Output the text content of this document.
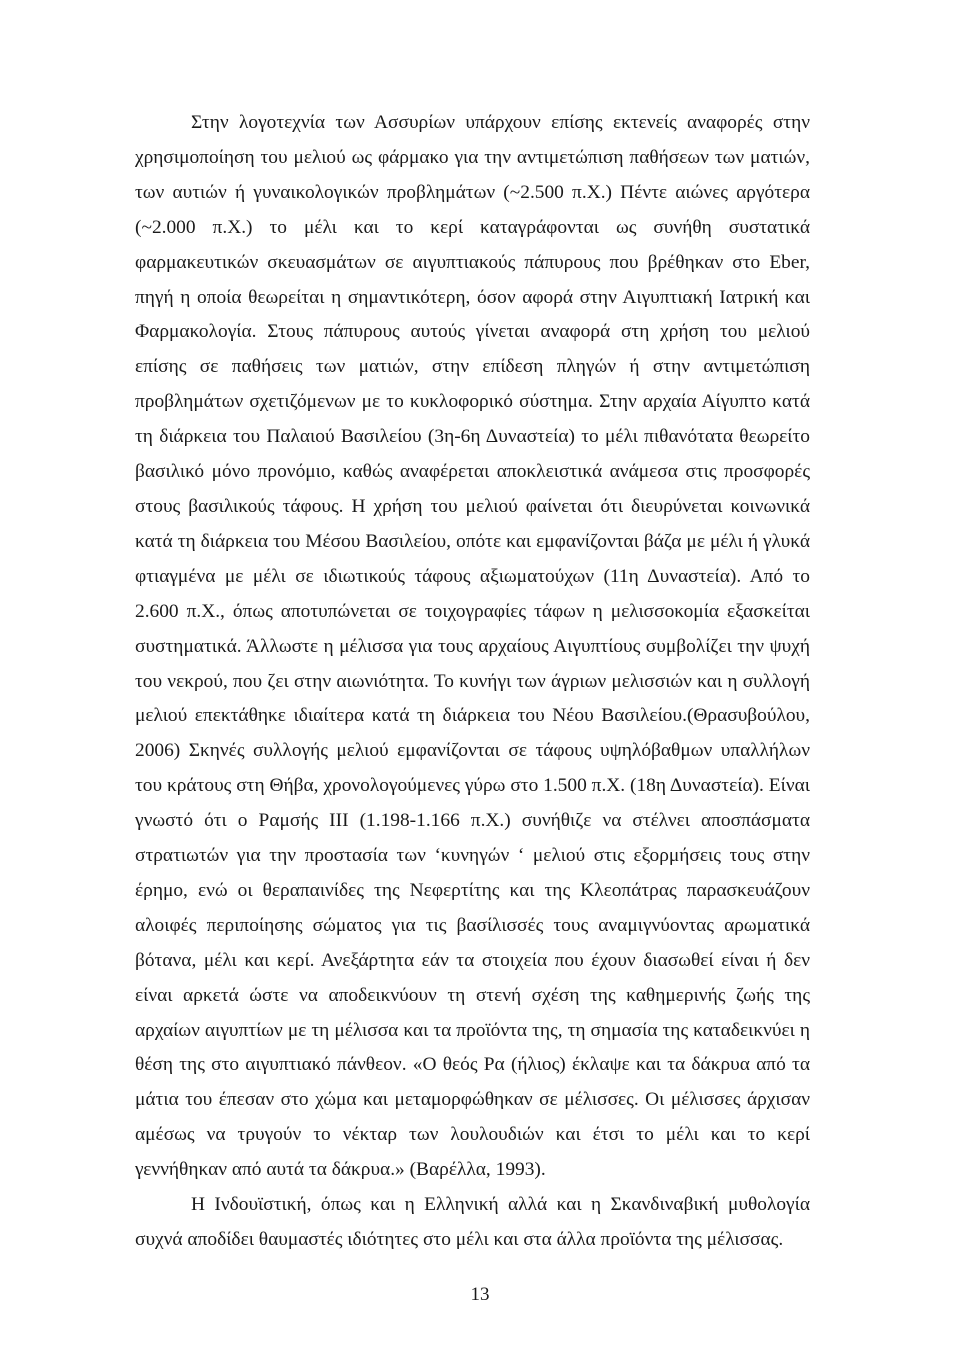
Στην λογοτεχνία των Ασσυρίων υπάρχουν επίσης εκτενείς αναφορές στην χρησιμοποίηση του μελιού ως φάρμακο για την αντιμετώπιση παθήσεων των ματιών, των αυτιών ή γυναικολογικών προβλημάτων (~2.500 π.Χ.) Πέντε αιώνες αργότερα (~2.000 π.Χ.) το μέλι και το κερί καταγράφονται ως συνήθη συστατικά φαρμακευτικών σκευασμάτων σε αιγυπτιακούς πάπυρους που βρέθηκαν στο Eber, πηγή η οποία θεωρείται η σημαντικότερη, όσον αφορά στην Αιγυπτιακή Ιατρική και Φαρμακολογία. Στους πάπυρους αυτούς γίνεται αναφορά στη χρήση του μελιού επίσης σε παθήσεις των ματιών, στην επίδεση πληγών ή στην αντιμετώπιση προβλημάτων σχετιζόμενων με το κυκλοφορικό σύστημα. Στην αρχαία Αίγυπτο κατά τη διάρκεια του Παλαιού Βασιλείου (3η-6η Δυναστεία) το μέλι πιθανότατα θεωρείτο βασιλικό μόνο προνόμιο, καθώς αναφέρεται αποκλειστικά ανάμεσα στις προσφορές στους βασιλικούς τάφους. Η χρήση του μελιού φαίνεται ότι διευρύνεται κοινωνικά κατά τη διάρκεια του Μέσου Βασιλείου, οπότε και εμφανίζονται βάζα με μέλι ή γλυκά φτιαγμένα με μέλι σε ιδιωτικούς τάφους αξιωματούχων (11η Δυναστεία). Από το 2.600 π.Χ., όπως αποτυπώνεται σε τοιχογραφίες τάφων η μελισσοκομία εξασκείται συστηματικά. Άλλωστε η μέλισσα για τους αρχαίους Αιγυπτίους συμβολίζει την ψυχή του νεκρού, που ζει στην αιωνιότητα. Το κυνήγι των άγριων μελισσιών και η συλλογή μελιού επεκτάθηκε ιδιαίτερα κατά τη διάρκεια του Νέου Βασιλείου.(Θρασυβούλου, 2006) Σκηνές συλλογής μελιού εμφανίζονται σε τάφους υψηλόβαθμων υπαλλήλων του κράτους στη Θήβα, χρονολογούμενες γύρω στο 1.500 π.Χ. (18η Δυναστεία). Είναι γνωστό ότι ο Ραμσής ΙΙΙ (1.198-1.166 π.Χ.) συνήθιζε να στέλνει αποσπάσματα στρατιωτών για την προστασία των ‘κυνηγών ‘ μελιού στις εξορμήσεις τους στην έρημο, ενώ οι θεραπαινίδες της Νεφερτίτης και της Κλεοπάτρας παρασκευάζουν αλοιφές περιποίησης σώματος για τις βασίλισσές τους αναμιγνύοντας αρωματικά βότανα, μέλι και κερί. Ανεξάρτητα εάν τα στοιχεία που έχουν διασωθεί είναι ή δεν είναι αρκετά ώστε να αποδεικνύουν τη στενή σχέση της καθημερινής ζωής της αρχαίων αιγυπτίων με τη μέλισσα και τα προϊόντα της, τη σημασία της καταδεικνύει η θέση της στο αιγυπτιακό πάνθεον. «Ο θεός Ρα (ήλιος) έκλαψε και τα δάκρυα από τα μάτια του έπεσαν στο χώμα και μεταμορφώθηκαν σε μέλισσες. Οι μέλισσες άρχισαν αμέσως να τρυγούν το νέκταρ των λουλουδιών και έτσι το μέλι και το κερί γεννήθηκαν από αυτά τα δάκρυα.» (Βαρέλλα, 1993).

Η Ινδουϊστική, όπως και η Ελληνική αλλά και η Σκανδιναβική μυθολογία συχνά αποδίδει θαυμαστές ιδιότητες στο μέλι και στα άλλα προϊόντα της μέλισσας.

13
